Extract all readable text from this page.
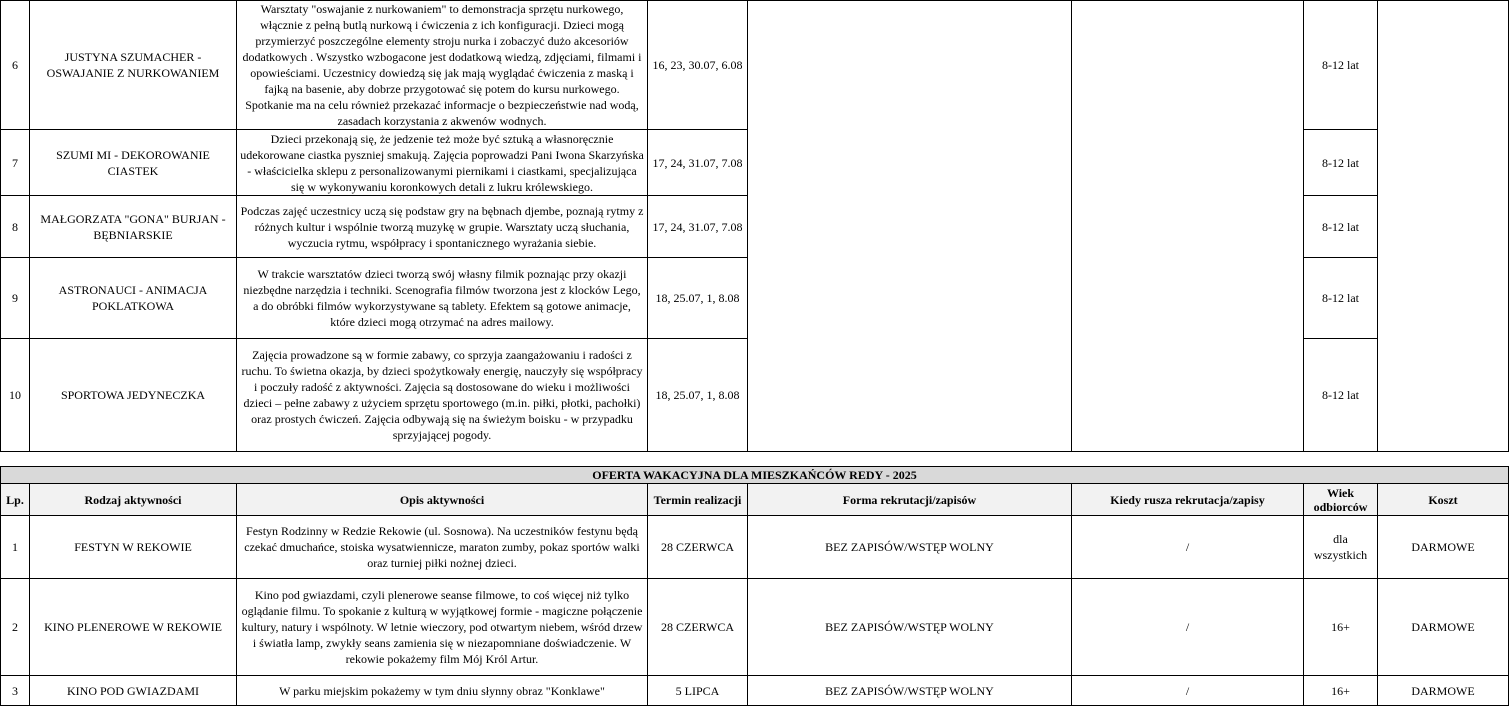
6	JUSTYNA SZUMACHER - OSWAJANIE Z NURKOWANIEM	Warsztaty "oswajanie z nurkowaniem" to demonstracja sprzętu nurkowego, włącznie z pełną butlą nurkową i ćwiczenia z ich konfiguracji. Dzieci mogą przymierzyć poszczególne elementy stroju nurka i zobaczyć dużo akcesoriów dodatkowych . Wszystko wzbogacone jest dodatkową wiedzą, zdjęciami, filmami i opowieściami. Uczestnicy dowiedzą się jak mają wyglądać ćwiczenia z maską i fajką na basenie, aby dobrze przygotować się potem do kursu nurkowego. Spotkanie ma na celu również przekazać informacje o bezpieczeństwie nad wodą, zasadach korzystania z akwenów wodnych.	16, 23, 30.07, 6.08			8-12 lat	
7	SZUMI MI - DEKOROWANIE CIASTEK	Dzieci przekonają się, że jedzenie też może być sztuką a własnoręcznie udekorowane ciastka pyszniej smakują. Zajęcia poprowadzi Pani Iwona Skarzyńska - właścicielka sklepu z personalizowanymi piernikami i ciastkami, specjalizująca się w wykonywaniu koronkowych detali z lukru królewskiego.	17, 24, 31.07, 7.08			8-12 lat	
8	MAŁGORZATA "GONA" BURJAN - BĘBNIARSKIE	Podczas zajęć uczestnicy uczą się podstaw gry na bębnach djembe, poznają rytmy z różnych kultur i wspólnie tworzą muzykę w grupie. Warsztaty uczą słuchania, wyczucia rytmu, współpracy i spontanicznego wyrażania siebie.	17, 24, 31.07, 7.08			8-12 lat	
9	ASTRONAUCI - ANIMACJA POKLATKOWA	W trakcie warsztatów dzieci tworzą swój własny filmik poznając przy okazji niezbędne narzędzia i techniki. Scenografia filmów tworzona jest z klocków Lego, a do obróbki filmów wykorzystywane są tablety. Efektem są gotowe animacje, które dzieci mogą otrzymać na adres mailowy.	18, 25.07, 1, 8.08			8-12 lat	
10	SPORTOWA JEDYNECZKA	Zajęcia prowadzone są w formie zabawy, co sprzyja zaangażowaniu i radości z ruchu. To świetna okazja, by dzieci spożytkowały energię, nauczyły się współpracy i poczuły radość z aktywności. Zajęcia są dostosowane do wieku i możliwości dzieci – pełne zabawy z użyciem sprzętu sportowego (m.in. piłki, płotki, pachołki) oraz prostych ćwiczeń. Zajęcia odbywają się na świeżym boisku - w przypadku sprzyjającej pogody.	18, 25.07, 1, 8.08			8-12 lat	

OFERTA WAKACYJNA DLA MIESZKAŃCÓW REDY - 2025							
Lp.	Rodzaj aktywności	Opis aktywności	Termin realizacji	Forma rekrutacji/zapisów	Kiedy rusza rekrutacja/zapisy	Wiek odbiorców	Koszt
1	FESTYN W REKOWIE	Festyn Rodzinny w Redzie Rekowie (ul. Sosnowa). Na uczestników festynu będą czekać dmuchańce, stoiska wysatwiennicze, maraton zumby, pokaz sportów walki oraz turniej piłki nożnej dzieci.	28 CZERWCA	BEZ ZAPISÓW/WSTĘP WOLNY	/	dla wszystkich	DARMOWE
2	KINO PLENEROWE W REKOWIE	Kino pod gwiazdami, czyli plenerowe seanse filmowe, to coś więcej niż tylko oglądanie filmu. To spokanie z kulturą w wyjątkowej formie - magiczne połączenie kultury, natury i wspólnoty. W letnie wieczory, pod otwartym niebem, wśród drzew i światła lamp, zwykły seans zamienia się w niezapomniane doświadczenie. W rekowie pokażemy film Mój Król Artur.	28 CZERWCA	BEZ ZAPISÓW/WSTĘP WOLNY	/	16+	DARMOWE
3	KINO POD GWIAZDAMI	W parku miejskim pokażemy w tym dniu słynny obraz "Konklawe"	5 LIPCA	BEZ ZAPISÓW/WSTĘP WOLNY	/	16+	DARMOWE
